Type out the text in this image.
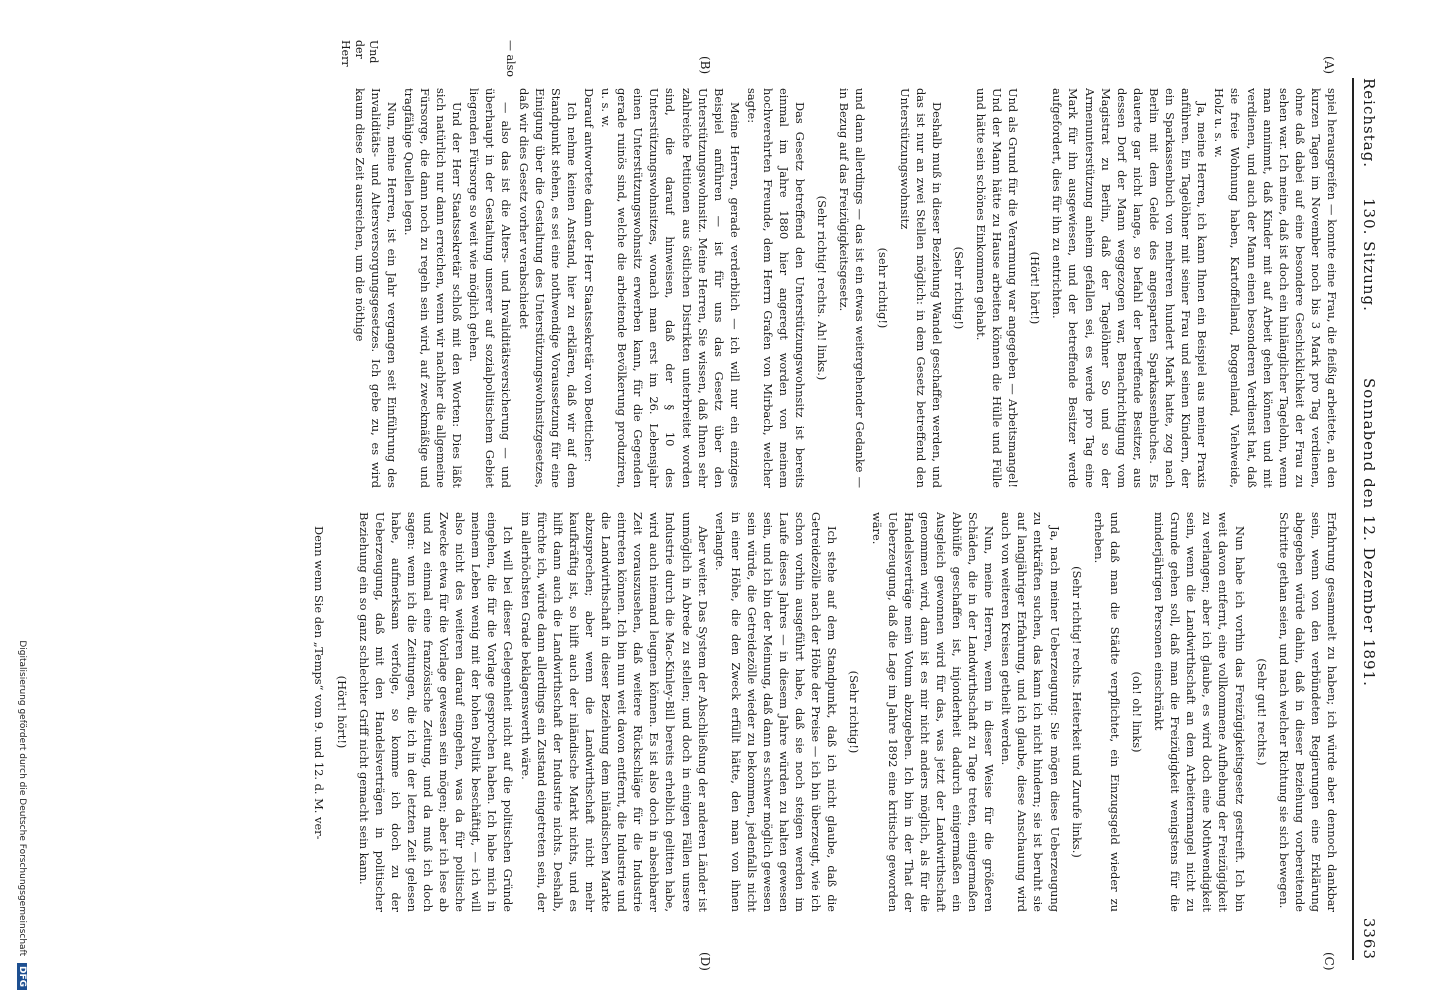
Reichstag.
130. Sitzung.
Sonnabend den 12. Dezember 1891.
3363
(A)
(B)
(C)
(D)
— also
Und der Herr

spiel herausgreifen — konnte eine Frau, die fleißig arbeitete, an den kurzen Tagen im November noch bis 3 Mark pro Tag verdienen, ohne daß dabei auf eine besondere Geschicklichkeit der Frau zu sehen war. Ich meine, daß ist doch ein hinlänglicher Tagelohn, wenn man annimmt, daß Kinder mit auf Arbeit gehen können und mit verdienen, und auch der Mann einen besonderen Verdienst hat, daß sie freie Wohnung haben, Kartoffelland, Roggenland, Viehweide, Holz u. s. w.

Ja, meine Herren, ich kann Ihnen ein Beispiel aus meiner Praxis anführen. Ein Tagelöhner mit seiner Frau und seinen Kindern, der ein Sparkassenbuch von mehreren hundert Mark hatte, zog nach Berlin mit dem Gelde des angesparten Sparkassenbuches. Es dauerte gar nicht lange, so befahl der betreffende Besitzer, aus dessen Dorf der Mann weggezogen war, Benachrichtigung vom Magistrat zu Berlin, daß der Tagelöhner So und so der Armenunterstützung anheim gefallen sei, es werde pro Tag eine Mark für ihn ausgewiesen, und der betreffende Besitzer werde aufgefordert, dies für ihn zu entrichten.

(Hört! hört!)

Und als Grund für die Verarmung war angegeben — Arbeitsmangel! Und der Mann hätte zu Hause arbeiten können die Hülle und Fülle und hätte sein schönes Einkommen gehabt.

(Sehr richtig!)

Deshalb muß in dieser Beziehung Wandel geschaffen werden, und das ist nur an zwei Stellen möglich: in dem Gesetz betreffend den Unterstützungswohnsitz

(sehr richtig!)

und dann allerdings — das ist ein etwas weitergehender Gedanke — in Bezug auf das Freizügigkeitsgesetz.

(Sehr richtig! rechts. Ah! links.)

Das Gesetz betreffend den Unterstützungswohnsitz ist bereits einmal im Jahre 1880 hier angeregt worden von meinem hochverehrten Freunde, dem Herrn Grafen von Mirbach, welcher sagte:

Meine Herren, gerade verderblich — ich will nur ein einziges Beispiel anführen — ist für uns das Gesetz über den Unterstützungswohnsitz. Meine Herren, Sie wissen, daß Ihnen sehr zahlreiche Petitionen aus östlichen Distrikten unterbreitet worden sind, die darauf hinweisen, daß der § 10 des Unterstützungswohnsitzes, wonach man erst im 26. Lebensjahr einen Unterstützungswohnsitz erwerben kann, für die Gegenden gerade ruinös sind, welche die arbeitende Bevölkerung produziren, u. s. w.

Darauf antwortete dann der Herr Staatssekretär von Boetticher:

Ich nehme keinen Anstand, hier zu erklären, daß wir auf dem Standpunkt stehen, es sei eine nothwendige Voraussetzung für eine Einigung über die Gestaltung des Unterstützungswohnsitzgesetzes, daß wir dies Gesetz vorher verabschiedet

— also das ist die Alters- und Invaliditätsversicherung — und überhaupt in der Gestaltung unserer auf sozialpolitischem Gebiet liegenden Fürsorge so weit wie möglich gehen.

Und der Herr Staatssekretär schloß mit den Worten: Dies läßt sich natürlich nur dann erreichen, wenn wir nachher die allgemeine Fürsorge, die dann noch zu regeln sein wird, auf zweckmäßige und tragfähige Quellen legen.

Nun, meine Herren, ist ein Jahr vergangen seit Einführung des Invaliditäts- und Altersversorgungsgesetzes. Ich gebe zu, es wird kaum diese Zeit ausreichen, um die nöthige

Erfahrung gesammelt zu haben; ich würde aber dennoch dankbar sein, wenn von den verbündeten Regierungen eine Erklärung abgegeben würde dahin, daß in dieser Beziehung vorbereitende Schritte gethan seien, und nach welcher Richtung sie sich bewegen.

(Sehr gut! rechts.)

Nun habe ich vorhin das Freizügigkeitsgesetz gestreift. Ich bin weit davon entfernt, eine vollkommene Aufhebung der Freizügigkeit zu verlangen; aber ich glaube, es wird doch eine Nothwendigkeit sein, wenn die Landwirthschaft an dem Arbeitermangel nicht zu Grunde gehen soll, daß man die Freizügigkeit wenigstens für die minderjährigen Personen einschränkt

(oh! oh! links)

und daß man die Städte verpflichtet, ein Einzugsgeld wieder zu erheben.

(Sehr richtig! rechts. Heiterkeit und Zurufe links.)

Ja, nach meiner Ueberzeugung: Sie mögen diese Ueberzeugung zu entkräften suchen, das kann ich nicht hindern; sie ist beruht sie auf langjähriger Erfahrung, und ich glaube, diese Anschauung wird auch von weiteren Kreisen getheilt werden.

Nun, meine Herren, wenn in dieser Weise für die größeren Schäden, die in der Landwirthschaft zu Tage treten, einigermaßen Abhülfe geschaffen ist, injonderheit dadurch einigermaßen ein Ausgleich gewonnen wird für das, was jetzt der Landwirthschaft genommen wird, dann ist es mir nicht anders möglich, als für die Handelsverträge mein Votum abzugeben. Ich bin in der That der Ueberzeugung, daß die Lage im Jahre 1892 eine kritische geworden wäre.

(Sehr richtig!)

Ich stehe auf dem Standpunkt, daß ich nicht glaube, daß die Getreidezölle nach der Höhe der Preise — ich bin überzeugt, wie ich schon vorhin ausgeführt habe, daß sie noch steigen werden im Laufe dieses Jahres — in diesem Jahre würden zu halten gewesen sein, und ich bin der Meinung, daß dann es schwer möglich gewesen sein würde, die Getreidezölle wieder zu bekommen, jedenfalls nicht in einer Höhe, die den Zweck erfüllt hätte, den man von ihnen verlangte.

Aber weiter. Das System der Abschließung der anderen Länder ist unmöglich in Abrede zu stellen; und doch in einigen Fällen unsere Industrie durch die Mac-Kinley-Bill bereits erheblich gelitten habe, wird auch niemand leugnen können. Es ist also doch in absehbarer Zeit vorauszusehen, daß weitere Rückschläge für die Industrie eintreten können. Ich bin nun weit davon entfernt, die Industrie und die Landwirthschaft in dieser Beziehung dem inländischen Markte abzusprechen; aber wenn die Landwirthschaft nicht mehr kaufkräftig ist, so hilft auch der inländische Markt nichts, und es hilft dann auch die Landwirthschaft der Industrie nichts. Deshalb, fürchte ich, würde dann allerdings ein Zustand eingetreten sein, der im allerhöchsten Grade beklagenswerth wäre.

Ich will bei dieser Gelegenheit nicht auf die politischen Gründe eingehen, die für die Vorlage gesprochen haben. Ich habe mich in meinem Leben wenig mit der hohen Politik beschäftigt, — ich will also nicht des weiteren darauf eingehen, was da für politische Zwecke etwa für die Vorlage gewesen sein mögen; aber ich lese ab und zu einmal eine französische Zeitung, und da muß ich doch sagen: wenn ich die Zeitungen, die ich in der letzten Zeit gelesen habe, aufmerksam verfolge, so komme ich doch zu der Ueberzeugung, daß mit den Handelsverträgen in politischer Beziehung ein so ganz schlechter Griff nicht gemacht sein kann.

(Hört! hört!)

Denn wenn Sie den „Temps“ vom 9. und 12. d. M. ver-

Digitalisierung gefördert durch die Deutsche Forschungsgemeinschaft DFG
